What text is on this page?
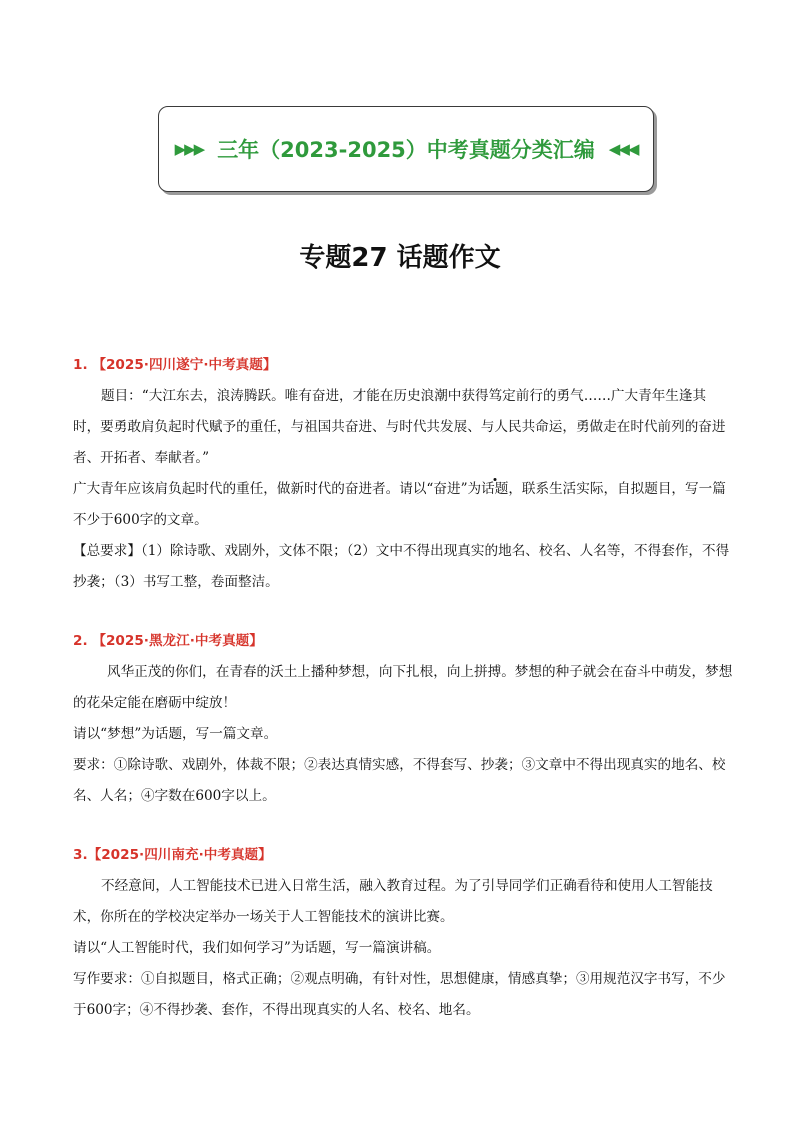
▶▶▶ 三年（2023-2025）中考真题分类汇编 ◀◀◀
专题27 话题作文
1. 【2025·四川遂宁·中考真题】

题目：“大江东去，浪涛腾跃。唯有奋进，才能在历史浪潮中获得笃定前行的勇气……广大青年生逢其时，要勇敢肩负起时代赋予的重任，与祖国共奋进、与时代共发展、与人民共命运，勇做走在时代前列的奋进者、开拓者、奉献者。”

广大青年应该肩负起时代的重任，做新时代的奋进者。请以“奋进”为话题，联系生活实际，自拟题目，写一篇不少于600字的文章。

【总要求】（1）除诗歌、戏剧外，文体不限；（2）文中不得出现真实的地名、校名、人名等，不得套作，不得抄袭；（3）书写工整，卷面整洁。

2. 【2025·黑龙江·中考真题】

风华正茂的你们，在青春的沃土上播种梦想，向下扎根，向上拼搏。梦想的种子就会在奋斗中萌发，梦想的花朵定能在磨砺中绽放！

请以“梦想”为话题，写一篇文章。

要求：①除诗歌、戏剧外，体裁不限；②表达真情实感，不得套写、抄袭；③文章中不得出现真实的地名、校名、人名；④字数在600字以上。

3.【2025·四川南充·中考真题】

不经意间，人工智能技术已进入日常生活，融入教育过程。为了引导同学们正确看待和使用人工智能技术，你所在的学校决定举办一场关于人工智能技术的演讲比赛。

请以“人工智能时代，我们如何学习”为话题，写一篇演讲稿。

写作要求：①自拟题目，格式正确；②观点明确，有针对性，思想健康，情感真挚；③用规范汉字书写，不少于600字；④不得抄袭、套作，不得出现真实的人名、校名、地名。
